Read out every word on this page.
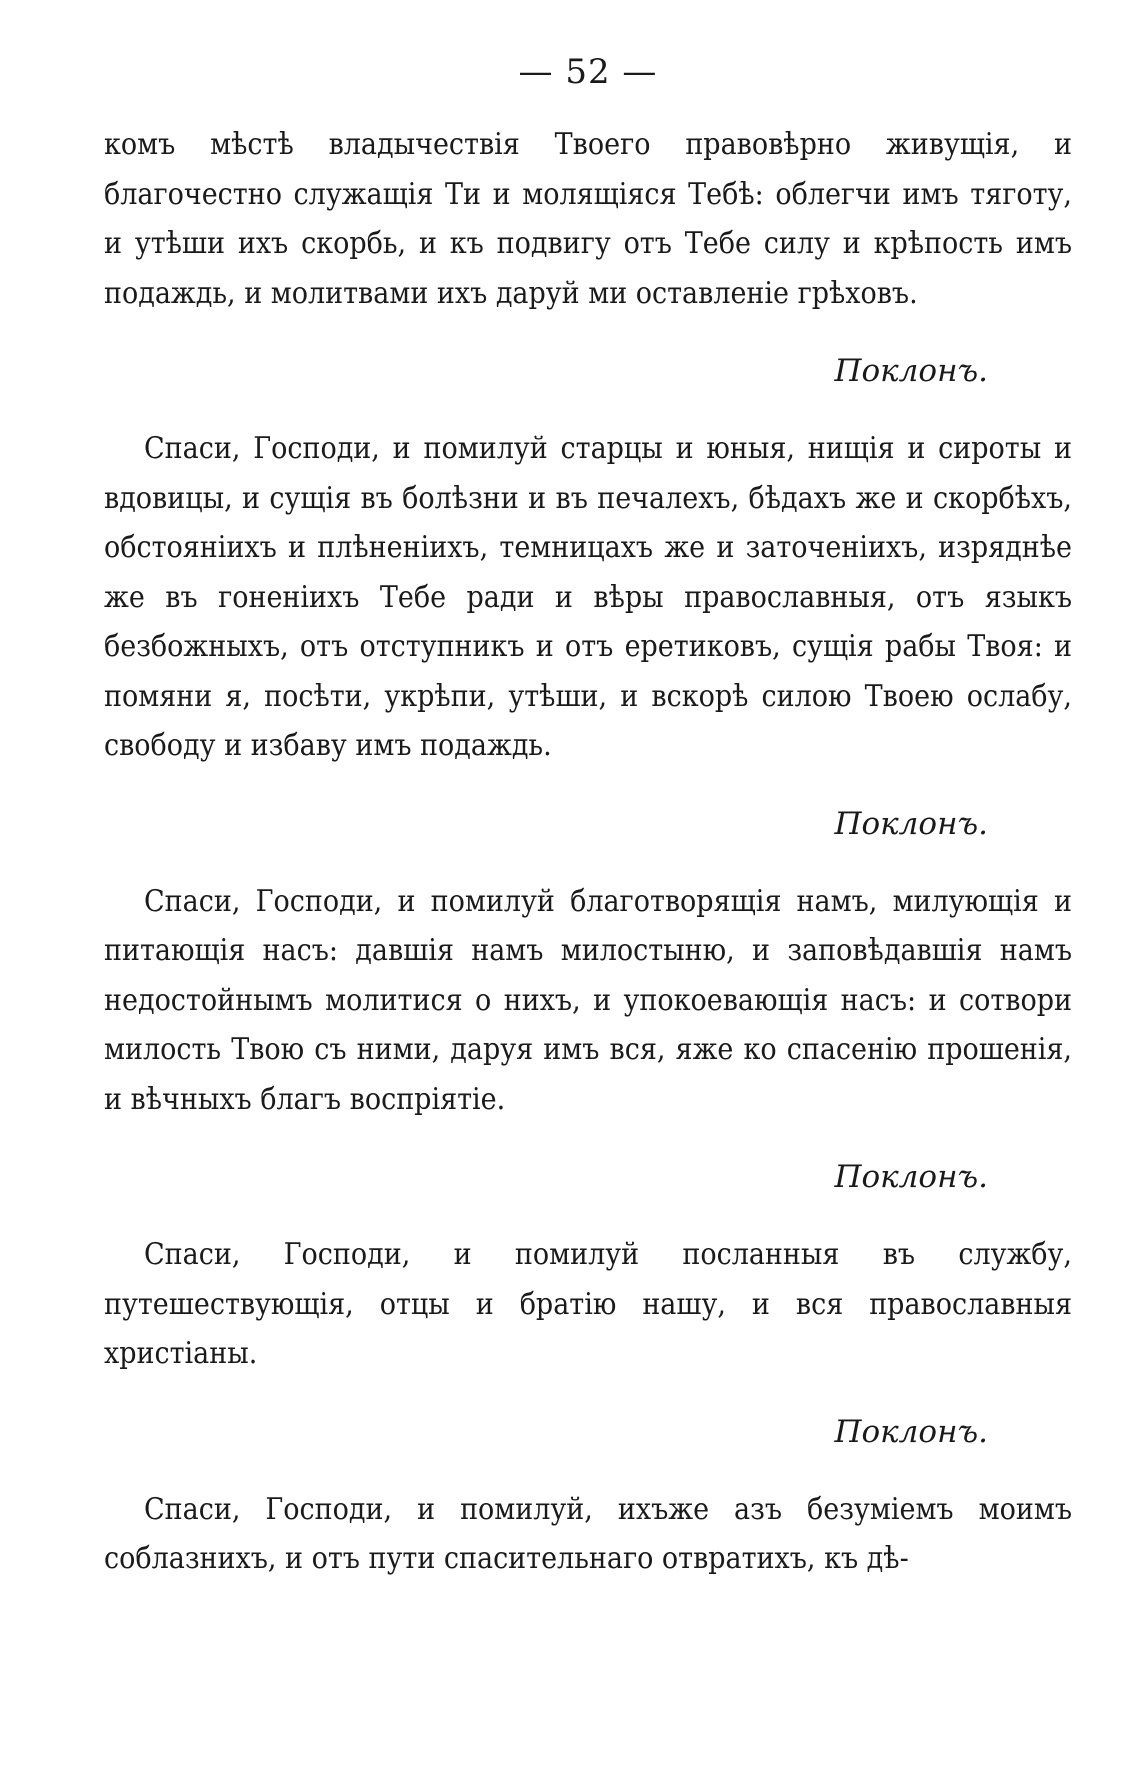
— 52 —

комъ мѣстѣ владычествія Твоего правовѣрно живущія, и благочестно служащія Ти и молящіяся Тебѣ: облегчи имъ тяготу, и утѣши ихъ скорбь, и къ подвигу отъ Тебе силу и крѣпость имъ подаждь, и молитвами ихъ даруй ми оставленіе грѣховъ.

Поклонъ.

Спаси, Господи, и помилуй старцы и юныя, нищія и сироты и вдовицы, и сущія въ болѣзни и въ печалехъ, бѣдахъ же и скорбѣхъ, обстояніихъ и плѣненіихъ, темницахъ же и заточеніихъ, изряднѣе же въ гоненіихъ Тебе ради и вѣры православныя, отъ языкъ безбожныхъ, отъ отступникъ и отъ еретиковъ, сущія рабы Твоя: и помяни я, посѣти, укрѣпи, утѣши, и вскорѣ силою Твоею ослабу, свободу и избаву имъ подаждь.

Поклонъ.

Спаси, Господи, и помилуй благотворящія намъ, милующія и питающія насъ: давшія намъ милостыню, и заповѣдавшія намъ недостойнымъ молитися о нихъ, и упокоевающія насъ: и сотвори милость Твою съ ними, даруя имъ вся, яже ко спасенію прошенія, и вѣчныхъ благъ воспріятіе.

Поклонъ.

Спаси, Господи, и помилуй посланныя въ службу, путешествующія, отцы и братію нашу, и вся православныя христіаны.

Поклонъ.

Спаси, Господи, и помилуй, ихъже азъ безуміемъ моимъ соблазнихъ, и отъ пути спасительнаго отвратихъ, къ дѣ-
